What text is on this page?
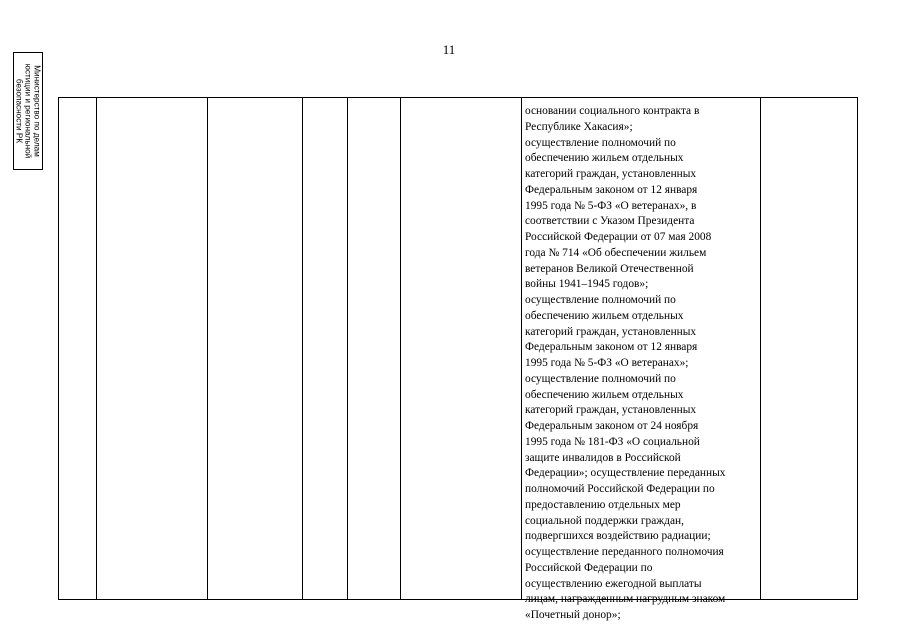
11
Министерство по делам
юстиции и региональной
безопасности РК	основании социального контракта в
Республике Хакасия»;
осуществление полномочий по
обеспечению жильем отдельных
категорий граждан, установленных
Федеральным законом от 12 января
1995 года № 5-ФЗ «О ветеранах», в
соответствии с Указом Президента
Российской Федерации от 07 мая 2008
года № 714 «Об обеспечении жильем
ветеранов Великой Отечественной
войны 1941–1945 годов»;
осуществление полномочий по
обеспечению жильем отдельных
категорий граждан, установленных
Федеральным законом от 12 января
1995 года № 5-ФЗ «О ветеранах»;
осуществление полномочий по
обеспечению жильем отдельных
категорий граждан, установленных
Федеральным законом от 24 ноября
1995 года № 181-ФЗ «О социальной
защите инвалидов в Российской
Федерации»; осуществление переданных
полномочий Российской Федерации по
предоставлению отдельных мер
социальной поддержки граждан,
подвергшихся воздействию радиации;
осуществление переданного полномочия
Российской Федерации по
осуществлению ежегодной выплаты
лицам, награжденным нагрудным знаком
«Почетный донор»;
